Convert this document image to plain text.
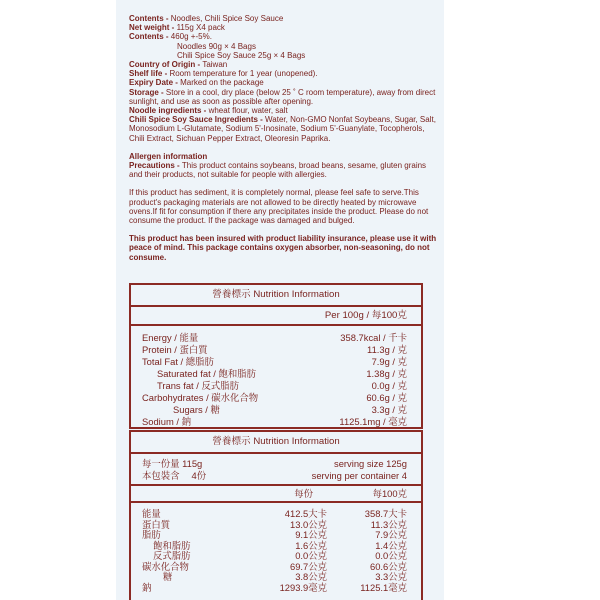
Contents - Noodles, Chili Spice Soy Sauce
Net weight - 115g X4 pack
Contents - 460g +-5%.
Noodles 90g × 4 Bags
Chili Spice Soy Sauce 25g × 4 Bags
Country of Origin - Taiwan
Shelf life - Room temperature for 1 year (unopened).
Expiry Date - Marked on the package
Storage - Store in a cool, dry place (below 25 ˚ C room temperature), away from direct sunlight, and use as soon as possible after opening.
Noodle ingredients - wheat flour, water, salt
Chili Spice Soy Sauce Ingredients - Water, Non-GMO Nonfat Soybeans, Sugar, Salt, Monosodium L-Glutamate, Sodium 5'-Inosinate, Sodium 5'-Guanylate, Tocopherols, Chili Extract, Sichuan Pepper Extract, Oleoresin Paprika.
Allergen information
Precautions - This product contains soybeans, broad beans, sesame, gluten grains and their products, not suitable for people with allergies.
If this product has sediment, it is completely normal, please feel safe to serve.This product's packaging materials are not allowed to be directly heated by microwave ovens.If fit for consumption if there any precipitates inside the product. Please do not consume the product. If the package was damaged and bulged.
This product has been insured with product liability insurance, please use it with peace of mind. This package contains oxygen absorber, non-seasoning, do not consume.
營養標示 Nutrition Information
Per 100g / 每100克
Energy / 能量	358.7kcal / 千卡
Protein / 蛋白質	11.3g / 克
Total Fat / 總脂肪	7.9g / 克
Saturated fat / 飽和脂肪	1.38g / 克
Trans fat / 反式脂肪	0.0g / 克
Carbohydrates / 碳水化合物	60.6g / 克
Sugars / 糖	3.3g / 克
Sodium / 鈉	1125.1mg / 毫克
營養標示 Nutrition Information
每一份量 115g	serving size 125g
本包裝含　 4份	serving per container 4
每份	每100克
能量	412.5大卡	358.7大卡
蛋白質	13.0公克	11.3公克
脂肪	9.1公克	7.9公克
飽和脂肪	1.6公克	1.4公克
反式脂肪	0.0公克	0.0公克
碳水化合物	69.7公克	60.6公克
糖	3.8公克	3.3公克
鈉	1293.9毫克	1125.1毫克
